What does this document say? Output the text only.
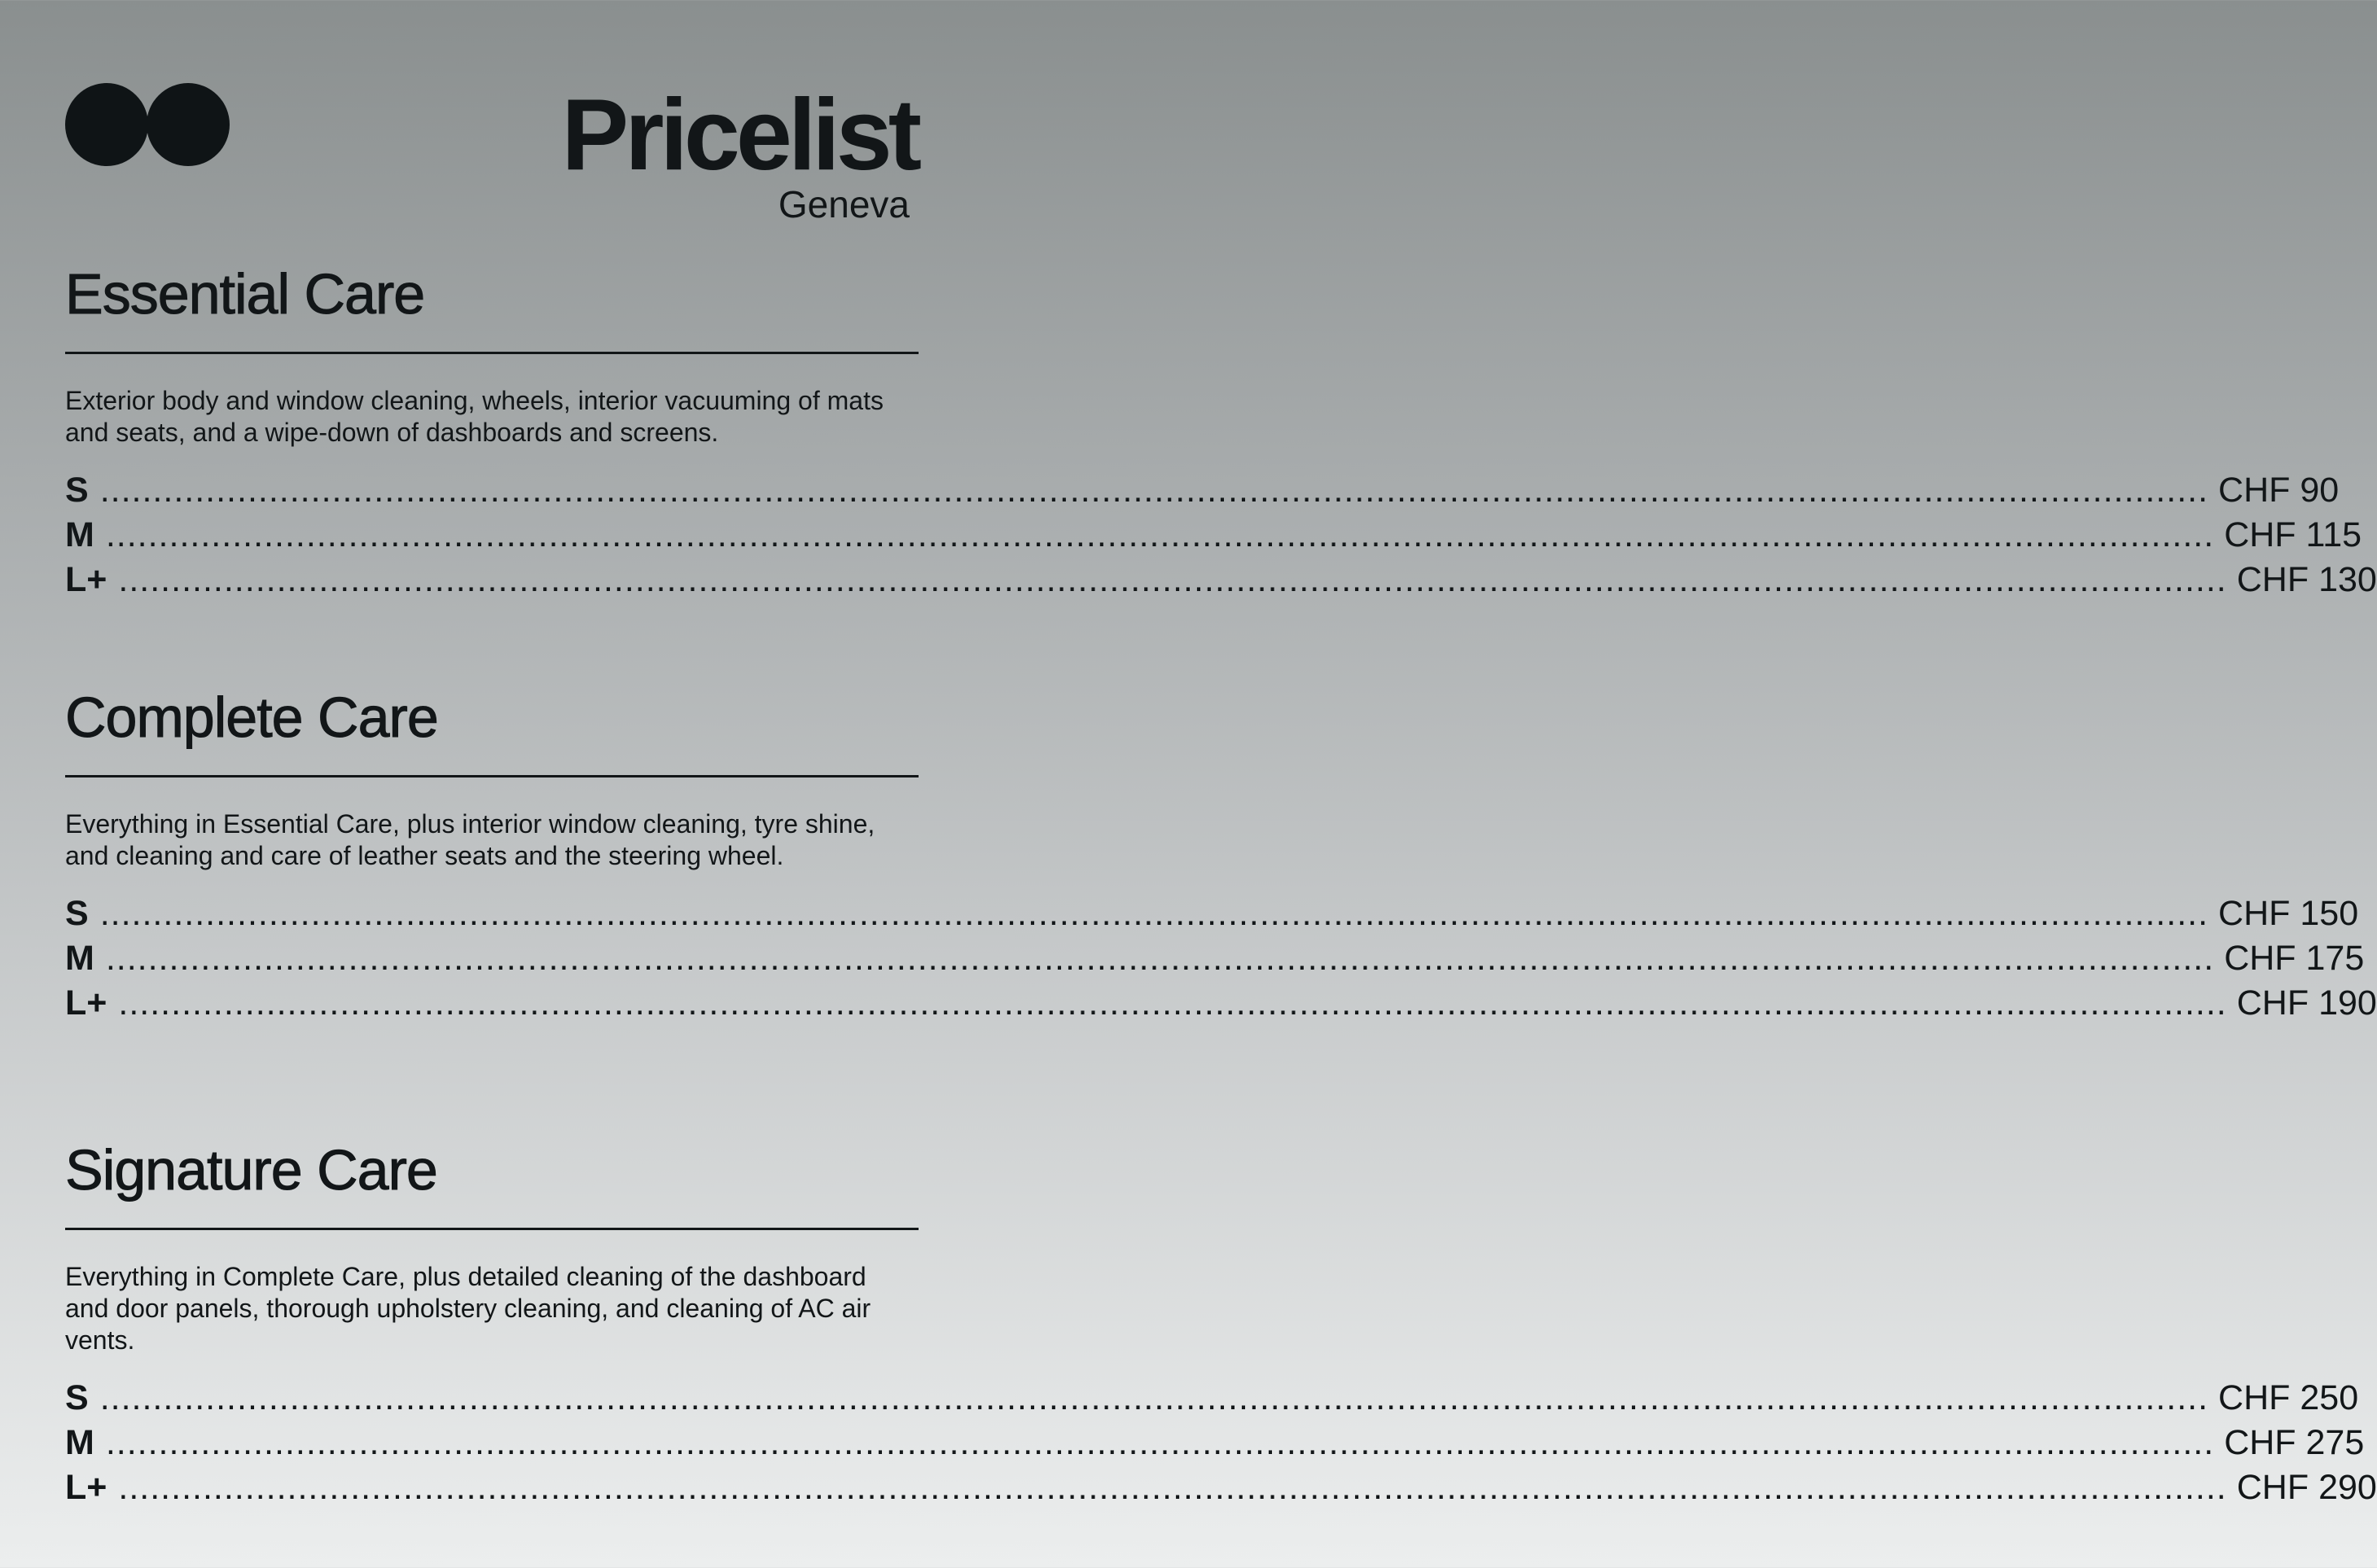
Pricelist
Geneva
Essential Care

Exterior body and window cleaning, wheels, interior vacuuming of mats and seats, and a wipe-down of dashboards and screens.

S ........................................................................................................................................................................................................ CHF 90
M ........................................................................................................................................................................................................ CHF 115
L+ ........................................................................................................................................................................................................ CHF 130
Complete Care

Everything in Essential Care, plus interior window cleaning, tyre shine, and cleaning and care of leather seats and the steering wheel.

S ........................................................................................................................................................................................................ CHF 150
M ........................................................................................................................................................................................................ CHF 175
L+ ........................................................................................................................................................................................................ CHF 190
Signature Care

Everything in Complete Care, plus detailed cleaning of the dashboard and door panels, thorough upholstery cleaning, and cleaning of AC air vents.

S ........................................................................................................................................................................................................ CHF 250
M ........................................................................................................................................................................................................ CHF 275
L+ ........................................................................................................................................................................................................ CHF 290
